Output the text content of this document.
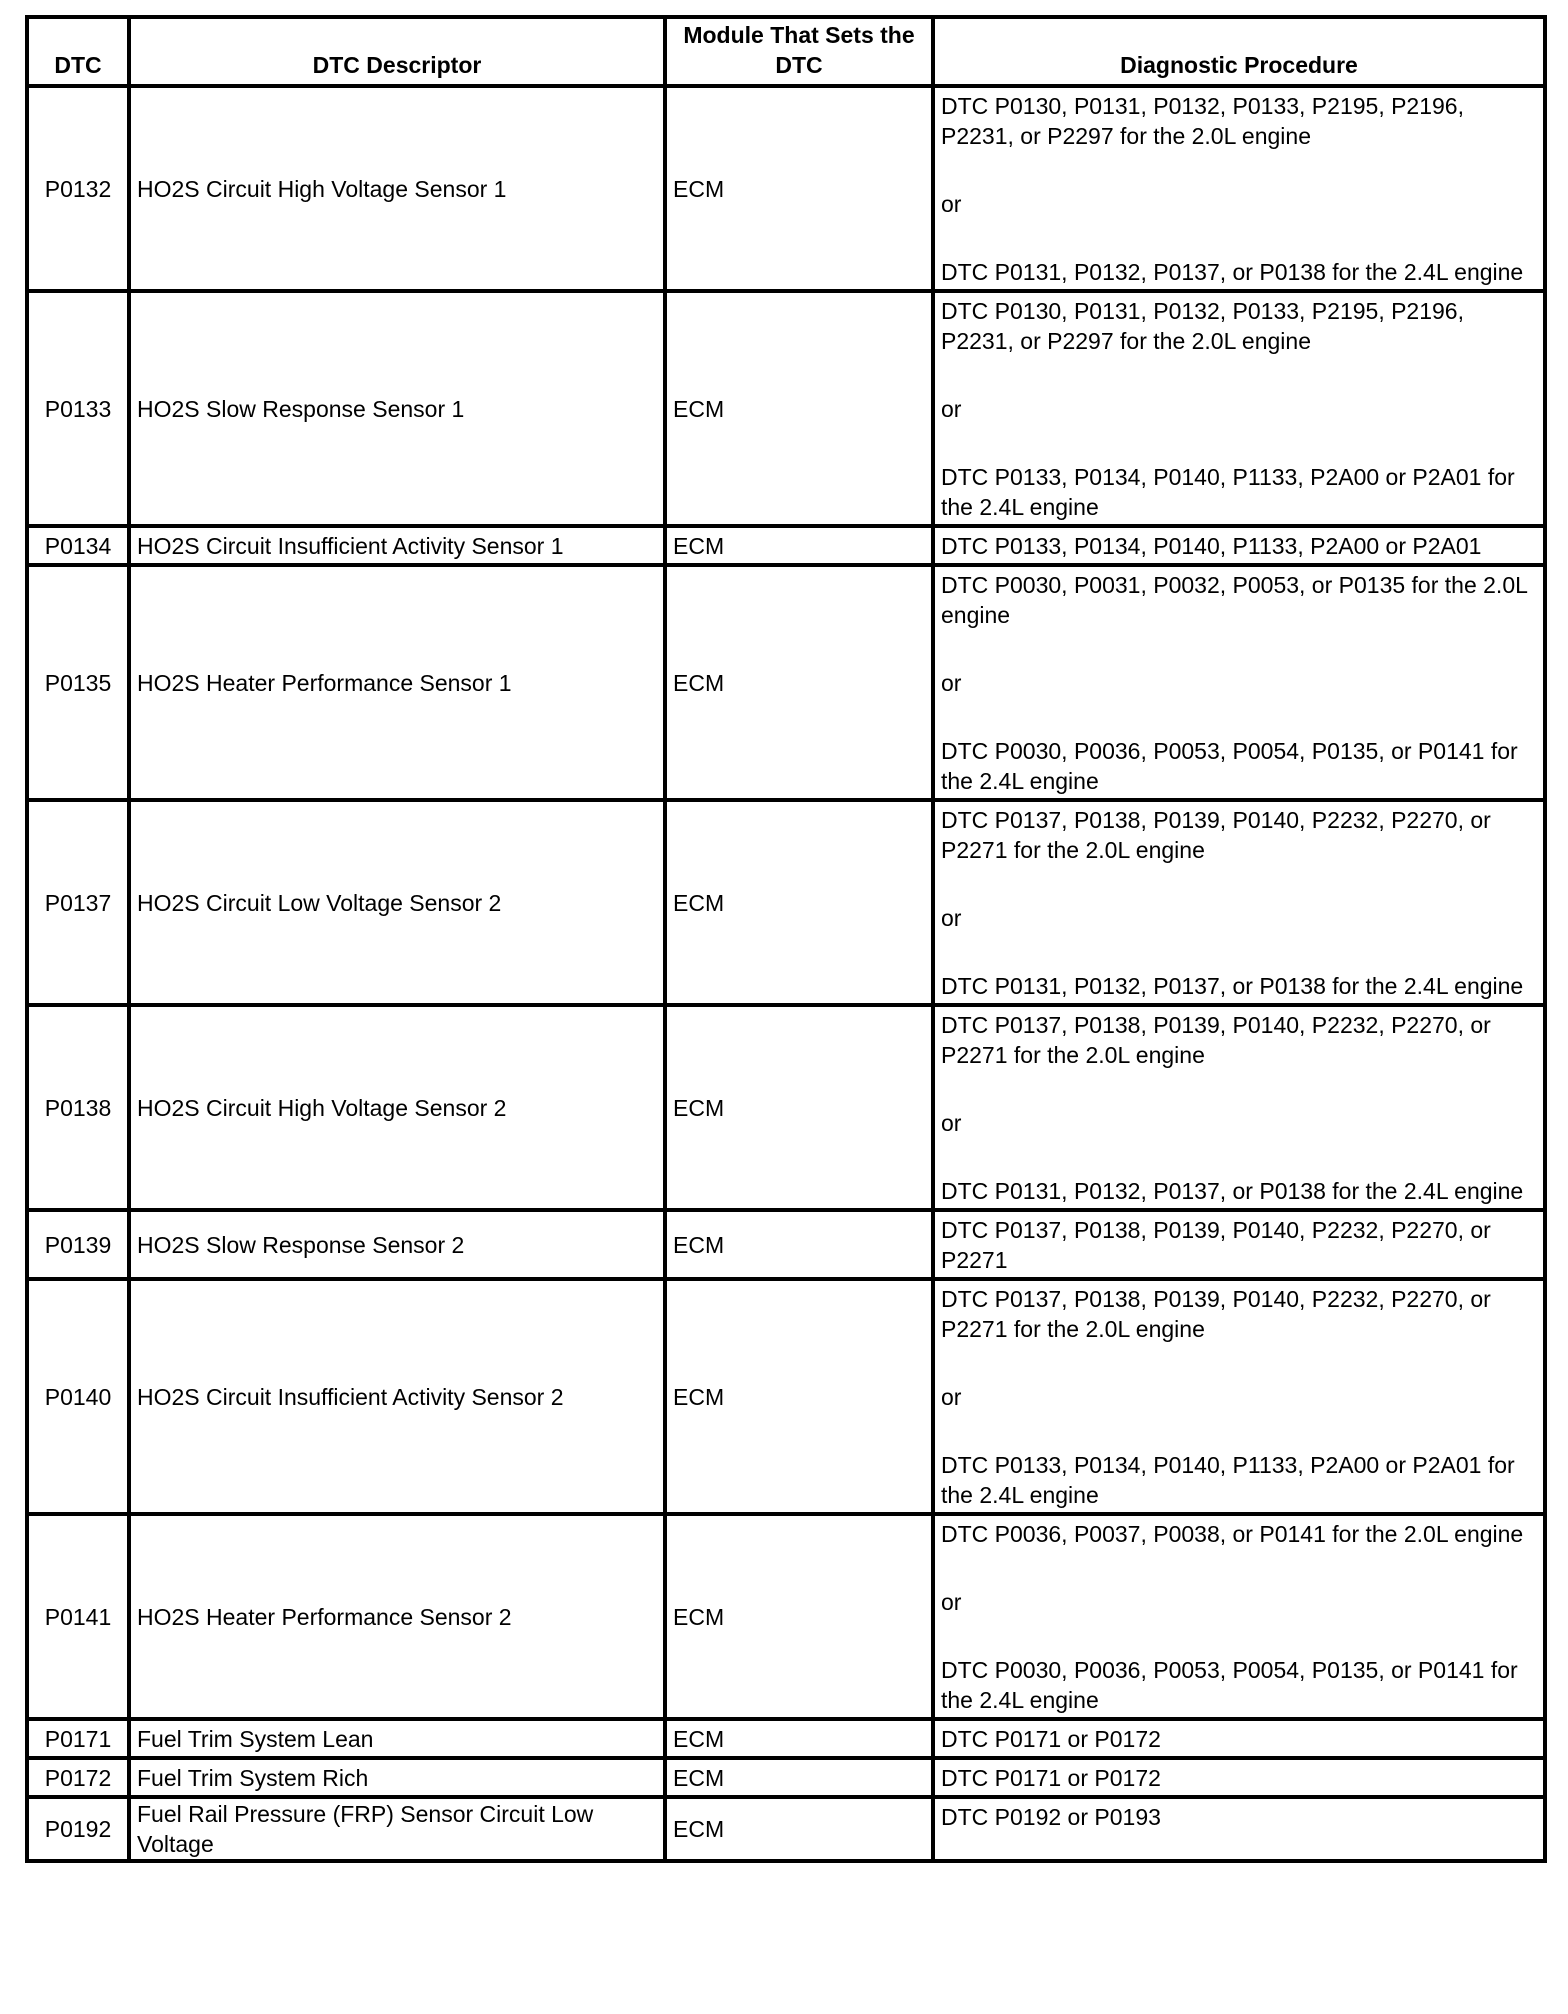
DTC	DTC Descriptor	Module That Sets the DTC	Diagnostic Procedure
P0132	HO2S Circuit High Voltage Sensor 1	ECM	DTC P0130, P0131, P0132, P0133, P2195, P2196, P2231, or P2297 for the 2.0L engine
or
DTC P0131, P0132, P0137, or P0138 for the 2.4L engine

P0133	HO2S Slow Response Sensor 1	ECM	DTC P0130, P0131, P0132, P0133, P2195, P2196, P2231, or P2297 for the 2.0L engine
or
DTC P0133, P0134, P0140, P1133, P2A00 or P2A01 for the 2.4L engine

P0134	HO2S Circuit Insufficient Activity Sensor 1	ECM	DTC P0133, P0134, P0140, P1133, P2A00 or P2A01
P0135	HO2S Heater Performance Sensor 1	ECM	DTC P0030, P0031, P0032, P0053, or P0135 for the 2.0L engine
or
DTC P0030, P0036, P0053, P0054, P0135, or P0141 for the 2.4L engine

P0137	HO2S Circuit Low Voltage Sensor 2	ECM	DTC P0137, P0138, P0139, P0140, P2232, P2270, or P2271 for the 2.0L engine
or
DTC P0131, P0132, P0137, or P0138 for the 2.4L engine

P0138	HO2S Circuit High Voltage Sensor 2	ECM	DTC P0137, P0138, P0139, P0140, P2232, P2270, or P2271 for the 2.0L engine
or
DTC P0131, P0132, P0137, or P0138 for the 2.4L engine

P0139	HO2S Slow Response Sensor 2	ECM	DTC P0137, P0138, P0139, P0140, P2232, P2270, or P2271
P0140	HO2S Circuit Insufficient Activity Sensor 2	ECM	DTC P0137, P0138, P0139, P0140, P2232, P2270, or P2271 for the 2.0L engine
or
DTC P0133, P0134, P0140, P1133, P2A00 or P2A01 for the 2.4L engine

P0141	HO2S Heater Performance Sensor 2	ECM	DTC P0036, P0037, P0038, or P0141 for the 2.0L engine
or
DTC P0030, P0036, P0053, P0054, P0135, or P0141 for the 2.4L engine

P0171	Fuel Trim System Lean	ECM	DTC P0171 or P0172
P0172	Fuel Trim System Rich	ECM	DTC P0171 or P0172
P0192	Fuel Rail Pressure (FRP) Sensor Circuit Low Voltage	ECM	DTC P0192 or P0193
